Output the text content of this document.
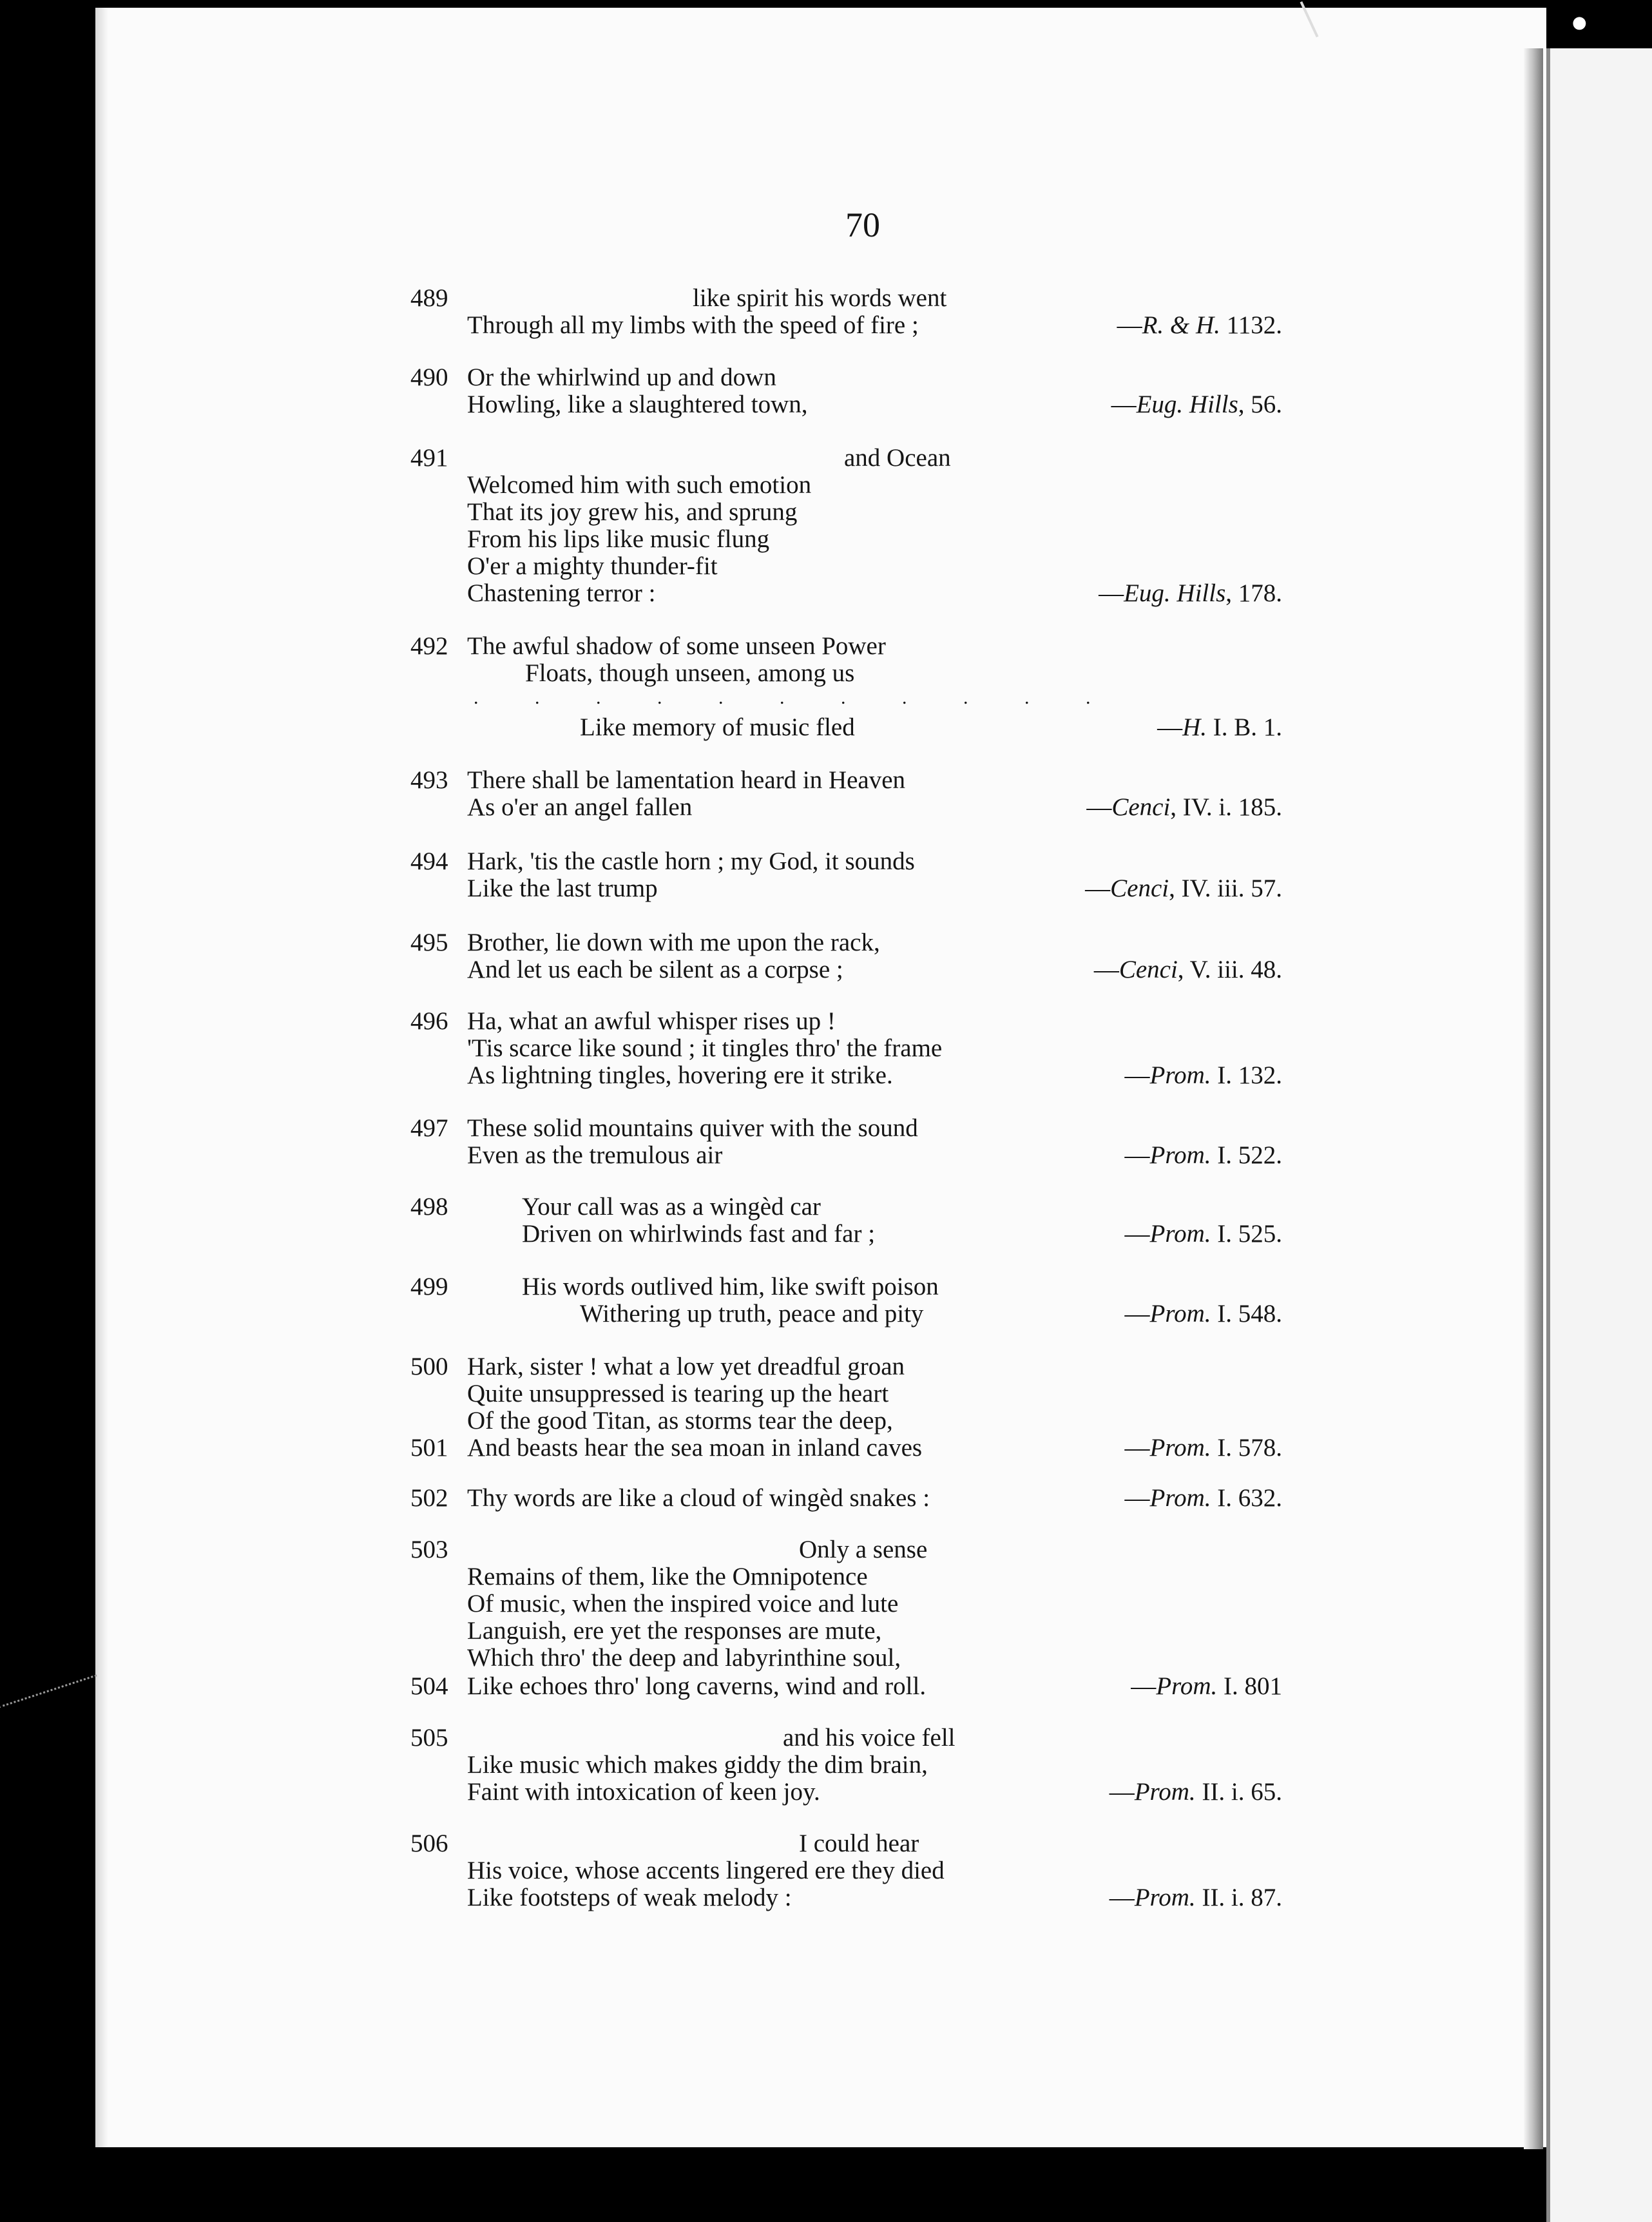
●
70
489	like spirit his words went
Through all my limbs with the speed of fire ;	—R. & H. 1132.
490 Or the whirlwind up and down
Howling, like a slaughtered town,	—Eug. Hills, 56.
491	and Ocean
Welcomed him with such emotion
That its joy grew his, and sprung
From his lips like music flung
O'er a mighty thunder-fit
Chastening terror :	—Eug. Hills, 178.
492 The awful shadow of some unseen Power
Floats, though unseen, among us
. . . . . . . . . . .
Like memory of music fled	—H. I. B. 1.
493 There shall be lamentation heard in Heaven
As o'er an angel fallen	—Cenci, IV. i. 185.
494 Hark, 'tis the castle horn ; my God, it sounds
Like the last trump	—Cenci, IV. iii. 57.
495 Brother, lie down with me upon the rack,
And let us each be silent as a corpse ;	—Cenci, V. iii. 48.
496 Ha, what an awful whisper rises up !
'Tis scarce like sound ; it tingles thro' the frame
As lightning tingles, hovering ere it strike.	—Prom. I. 132.
497 These solid mountains quiver with the sound
Even as the tremulous air	—Prom. I. 522.
498	Your call was as a wingèd car
Driven on whirlwinds fast and far ;	—Prom. I. 525.
499	His words outlived him, like swift poison
Withering up truth, peace and pity	—Prom. I. 548.
500 Hark, sister ! what a low yet dreadful groan
Quite unsuppressed is tearing up the heart
Of the good Titan, as storms tear the deep,
501 And beasts hear the sea moan in inland caves	—Prom. I. 578.
502 Thy words are like a cloud of wingèd snakes :	—Prom. I. 632.
503	Only a sense
Remains of them, like the Omnipotence
Of music, when the inspired voice and lute
Languish, ere yet the responses are mute,
Which thro' the deep and labyrinthine soul,
504 Like echoes thro' long caverns, wind and roll.	—Prom. I. 801
505	and his voice fell
Like music which makes giddy the dim brain,
Faint with intoxication of keen joy.	—Prom. II. i. 65.
506	I could hear
His voice, whose accents lingered ere they died
Like footsteps of weak melody :	—Prom. II. i. 87.
